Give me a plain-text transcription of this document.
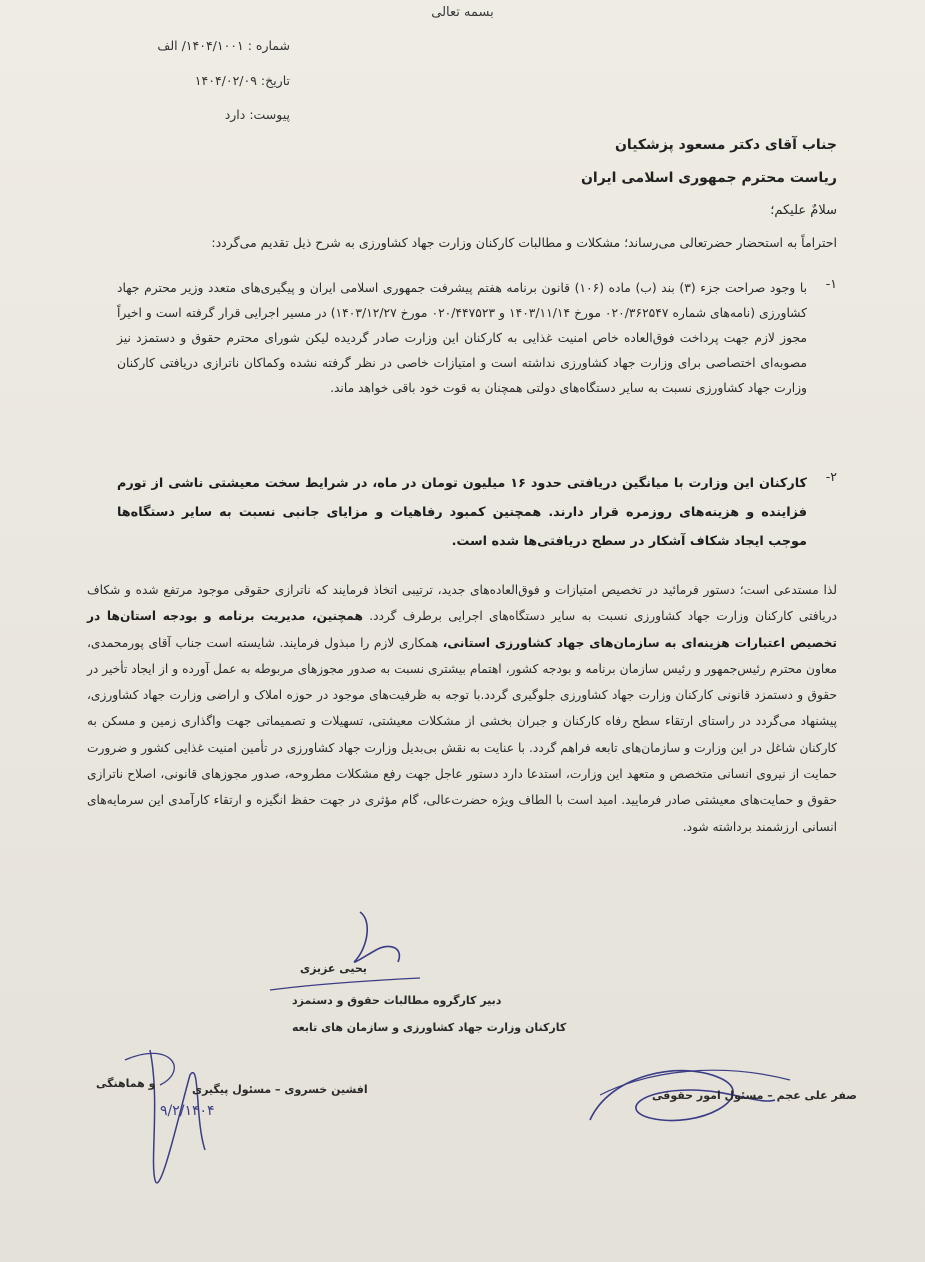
بسمه تعالی
شماره : ۱۴۰۴/۱۰۰۱/ الف
تاریخ: ۱۴۰۴/۰۲/۰۹
پیوست: دارد
جناب آقای دکتر مسعود پزشکیان
ریاست محترم جمهوری اسلامی ایران
سلامٌ علیکم؛
احتراماً به استحضار حضرتعالی می‌رساند؛ مشکلات و مطالبات کارکنان وزارت جهاد کشاورزی به شرح ذیل تقدیم می‌گردد:
۱-
با وجود صراحت جزء (۳) بند (ب) ماده (۱۰۶) قانون برنامه هفتم پیشرفت جمهوری اسلامی ایران و پیگیری‌های متعدد وزیر محترم جهاد کشاورزی (نامه‌های شماره ۰۲۰/۳۶۲۵۴۷ مورخ ۱۴۰۳/۱۱/۱۴ و ۰۲۰/۴۴۷۵۲۳ مورخ ۱۴۰۳/۱۲/۲۷) در مسیر اجرایی قرار گرفته است و اخیراً مجوز لازم جهت پرداخت فوق‌العاده خاص امنیت غذایی به کارکنان این وزارت صادر گردیده لیکن شورای محترم حقوق و دستمزد نیز مصوبه‌ای اختصاصی برای وزارت جهاد کشاورزی نداشته است و امتیازات خاصی در نظر گرفته نشده وکماکان ناترازی دریافتی کارکنان وزارت جهاد کشاورزی نسبت به سایر دستگاه‌های دولتی همچنان به قوت خود باقی خواهد ماند.
۲-
کارکنان این وزارت با میانگین دریافتی حدود ۱۶ میلیون تومان در ماه، در شرایط سخت معیشتی ناشی از تورم فزاینده و هزینه‌های روزمره قرار دارند. همچنین کمبود رفاهیات و مزایای جانبی نسبت به سایر دستگاه‌ها موجب ایجاد شکاف آشکار در سطح دریافتی‌ها شده است.
لذا مستدعی است؛ دستور فرمائید در تخصیص امتیازات و فوق‌العاده‌های جدید، ترتیبی اتخاذ فرمایند که ناترازی حقوقی موجود مرتفع شده و شکاف دریافتی کارکنان وزارت جهاد کشاورزی نسبت به سایر دستگاه‌های اجرایی برطرف گردد. همچنین، مدیریت برنامه و بودجه استان‌ها در تخصیص اعتبارات هزینه‌ای به سازمان‌های جهاد کشاورزی استانی، همکاری لازم را مبذول فرمایند. شایسته است جناب آقای پورمحمدی، معاون محترم رئیس‌جمهور و رئیس سازمان برنامه و بودجه کشور، اهتمام بیشتری نسبت به صدور مجوزهای مربوطه به عمل آورده و از ایجاد تأخیر در حقوق و دستمزد قانونی کارکنان وزارت جهاد کشاورزی جلوگیری گردد.با توجه به ظرفیت‌های موجود در حوزه املاک و اراضی وزارت جهاد کشاورزی، پیشنهاد می‌گردد در راستای ارتقاء سطح رفاه کارکنان و جبران بخشی از مشکلات معیشتی، تسهیلات و تصمیماتی جهت واگذاری زمین و مسکن به کارکنان شاغل در این وزارت و سازمان‌های تابعه فراهم گردد. با عنایت به نقش بی‌بدیل وزارت جهاد کشاورزی در تأمین امنیت غذایی کشور و ضرورت حمایت از نیروی انسانی متخصص و متعهد این وزارت، استدعا دارد دستور عاجل جهت رفع مشکلات مطروحه، صدور مجوزهای قانونی، اصلاح ناترازی حقوق و حمایت‌های معیشتی صادر فرمایید. امید است با الطاف ویژه حضرت‌عالی، گام مؤثری در جهت حفظ انگیزه و ارتقاء کارآمدی این سرمایه‌های انسانی ارزشمند برداشته شود.
یحیی عزیزی
دبیر کارگروه مطالبات حقوق و دستمزد
کارکنان وزارت جهاد کشاورزی و سازمان های تابعه
صفر علی عجم – مسئول امور حقوقی
افشین خسروی – مسئول پیگیری
و هماهنگی
۹/۲/۱۴۰۴
